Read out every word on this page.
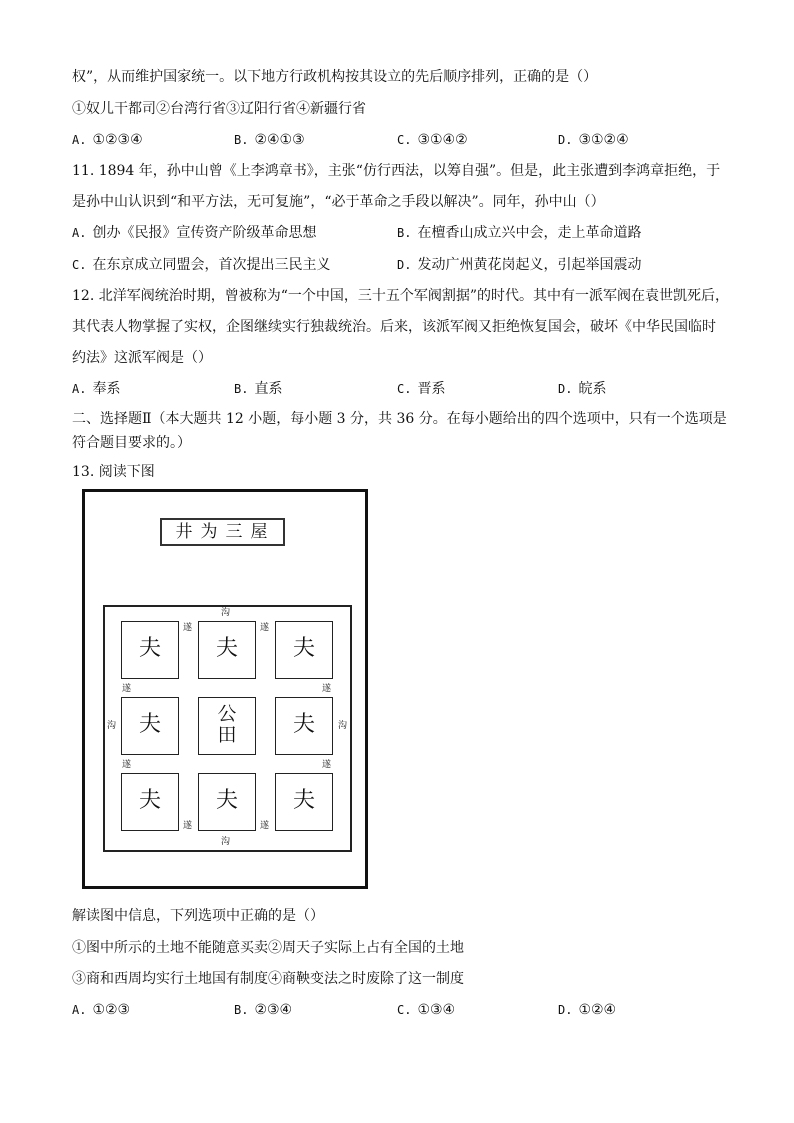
权”，从而维护国家统一。以下地方行政机构按其设立的先后顺序排列，正确的是（）
①奴儿干都司②台湾行省③辽阳行省④新疆行省
A. ①②③④	B. ②④①③	C. ③①④②	D. ③①②④
11. 1894 年，孙中山曾《上李鸿章书》，主张“仿行西法，以筹自强”。但是，此主张遭到李鸿章拒绝，于
是孙中山认识到“和平方法，无可复施”，“必于革命之手段以解决”。同年，孙中山（）
A. 创办《民报》宣传资产阶级革命思想	B. 在檀香山成立兴中会，走上革命道路
C. 在东京成立同盟会，首次提出三民主义	D. 发动广州黄花岗起义，引起举国震动
12. 北洋军阀统治时期，曾被称为“一个中国，三十五个军阀割据”的时代。其中有一派军阀在袁世凯死后，
其代表人物掌握了实权，企图继续实行独裁统治。后来，该派军阀又拒绝恢复国会，破坏《中华民国临时
约法》这派军阀是（）
A. 奉系	B. 直系	C. 晋系	D. 皖系
二、选择题Ⅱ（本大题共 12 小题，每小题 3 分，共 36 分。在每小题给出的四个选项中，只有一个选项是
符合题目要求的。）
13. 阅读下图
井为三屋
夫	夫	夫
夫	公
田	夫
夫	夫	夫
沟
沟
沟	沟
遂	遂
遂	遂
遂	遂
遂	遂
解读图中信息，下列选项中正确的是（）
①图中所示的土地不能随意买卖②周天子实际上占有全国的土地
③商和西周均实行土地国有制度④商鞅变法之时废除了这一制度
A. ①②③	B. ②③④	C. ①③④	D. ①②④
